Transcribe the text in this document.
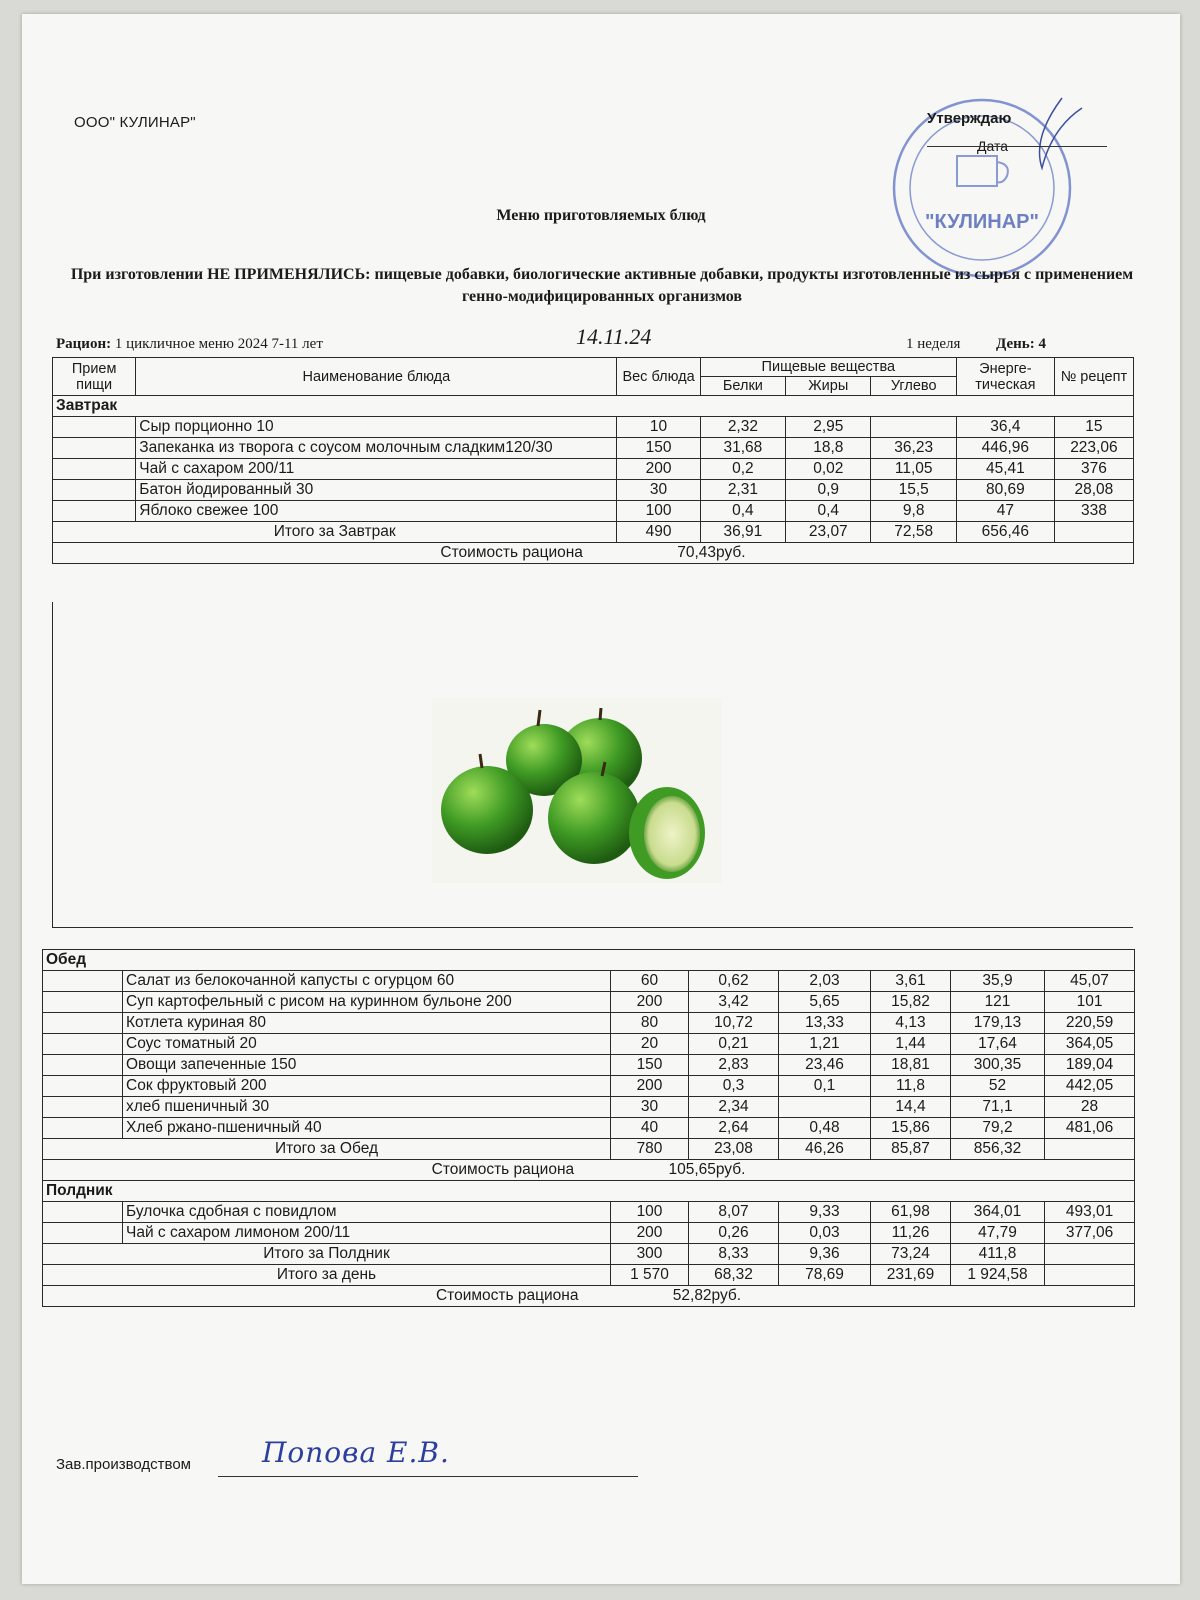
ООО" КУЛИНАР"
"КУЛИНАР"
Утверждаю
Дата
Меню приготовляемых блюд
При изготовлении НЕ ПРИМЕНЯЛИСЬ: пищевые добавки, биологические активные добавки, продукты изготовленные из сырья с применением генно-модифицированных организмов
Рацион: 1 цикличное меню 2024 7-11 лет	14.11.24	1 неделя День: 4
Прием пищи	Наименование блюда	Вес блюда	Пищевые вещества			Энерге-тическая	№ рецепт
			Белки	Жиры	Углево		
Завтрак							
	Сыр порционно 10	10	2,32	2,95		36,4	15
	Запеканка из творога с соусом молочным сладким120/30	150	31,68	18,8	36,23	446,96	223,06
	Чай с сахаром 200/11	200	0,2	0,02	11,05	45,41	376
	Батон йодированный 30	30	2,31	0,9	15,5	80,69	28,08
	Яблоко свежее 100	100	0,4	0,4	9,8	47	338
Итого за Завтрак		490	36,91	23,07	72,58	656,46	
Стоимость рациона 70,43руб.							
Обед							
	Салат из белокочанной капусты с огурцом 60	60	0,62	2,03	3,61	35,9	45,07
	Суп картофельный с рисом на куринном бульоне 200	200	3,42	5,65	15,82	121	101
	Котлета куриная 80	80	10,72	13,33	4,13	179,13	220,59
	Соус томатный 20	20	0,21	1,21	1,44	17,64	364,05
	Овощи запеченные 150	150	2,83	23,46	18,81	300,35	189,04
	Сок фруктовый 200	200	0,3	0,1	11,8	52	442,05
	хлеб пшеничный 30	30	2,34		14,4	71,1	28
	Хлеб ржано-пшеничный 40	40	2,64	0,48	15,86	79,2	481,06
Итого за Обед		780	23,08	46,26	85,87	856,32	
Стоимость рациона 105,65руб.							
Полдник							
	Булочка сдобная с повидлом	100	8,07	9,33	61,98	364,01	493,01
	Чай с сахаром лимоном 200/11	200	0,26	0,03	11,26	47,79	377,06
Итого за Полдник		300	8,33	9,36	73,24	411,8	
Итого за день		1 570	68,32	78,69	231,69	1 924,58	
Стоимость рациона 52,82руб.							
Зав.производством	Попова Е.В.
